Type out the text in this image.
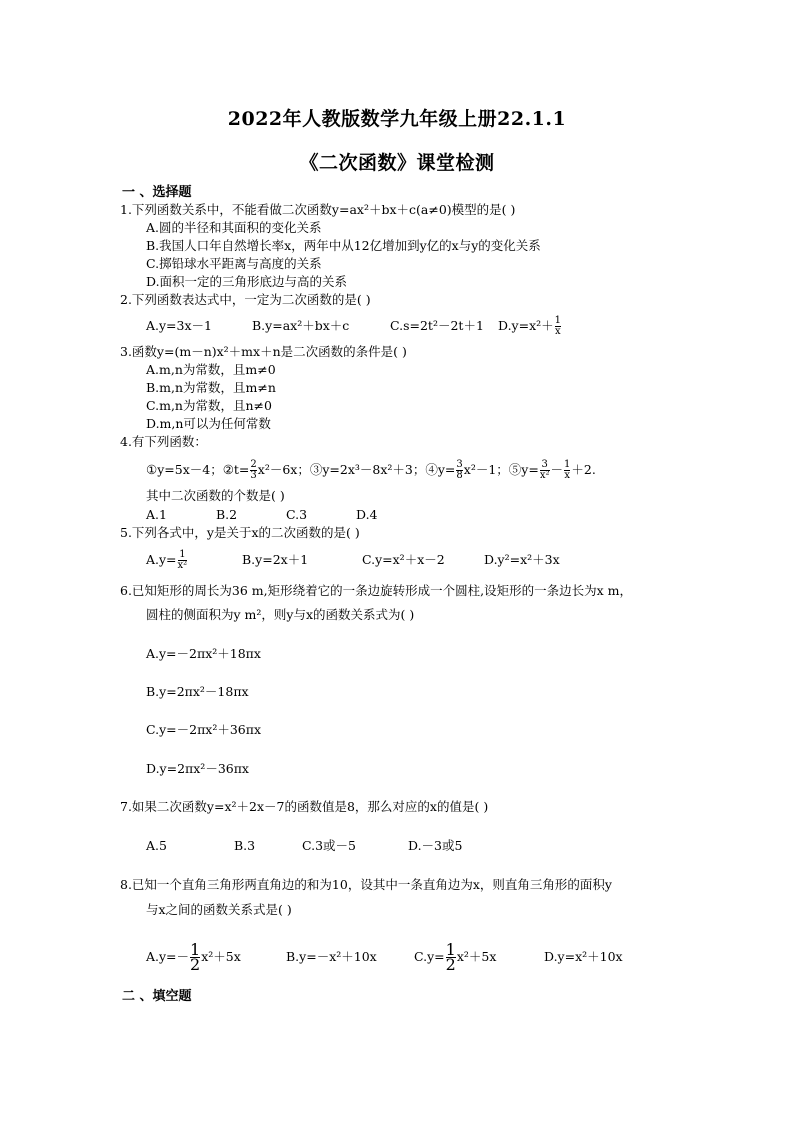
2022年人教版数学九年级上册22.1.1
《二次函数》课堂检测
一 、选择题
1.下列函数关系中，不能看做二次函数y=ax²＋bx＋c(a≠0)模型的是( )
A.圆的半径和其面积的变化关系
B.我国人口年自然增长率x，两年中从12亿增加到y亿的x与y的变化关系
C.掷铅球水平距离与高度的关系
D.面积一定的三角形底边与高的关系
2.下列函数表达式中，一定为二次函数的是( )
A.y=3x－1	B.y=ax²＋bx＋c	C.s=2t²－2t＋1 $D.y=x^2+ \frac{1}{x}$
3.函数y=(m－n)x²＋mx＋n是二次函数的条件是( )
A.m,n为常数，且m≠0
B.m,n为常数，且m≠n
C.m,n为常数，且n≠0
D.m,n可以为任何常数
4.有下列函数：
①y=5x－4；②t= $\frac{2}{3} x^2-6x$；③y=2x³－8x²＋3；④y= $\frac{3}{8} x^2-1$；⑤y= $\frac{3}{\text{x²}} - \frac{1}{x} +2$.
其中二次函数的个数是( )
A.1	B.2	C.3	D.4
5.下列各式中，y是关于x的二次函数的是( )
$A.y= \frac{1}{\text{x²}}$	B.y=2x＋1	C.y=x²＋x－2	D.y²=x²＋3x
6.已知矩形的周长为36 m,矩形绕着它的一条边旋转形成一个圆柱,设矩形的一条边长为x m，
圆柱的侧面积为y m²，则y与x的函数关系式为( )
A.y=－2πx²＋18πx
B.y=2πx²－18πx
C.y=－2πx²＋36πx
D.y=2πx²－36πx
7.如果二次函数y=x²＋2x－7的函数值是8，那么对应的x的值是( )
A.5	B.3	C.3或－5	D.－3或5
8.已知一个直角三角形两直角边的和为10，设其中一条直角边为x，则直角三角形的面积y
与x之间的函数关系式是( )
$A.y=- \frac{1}{2} x^2+5x$	B.y=－x²＋10x	$C.y= \frac{1}{2} x^2+5x$	D.y=x²＋10x
二 、填空题
